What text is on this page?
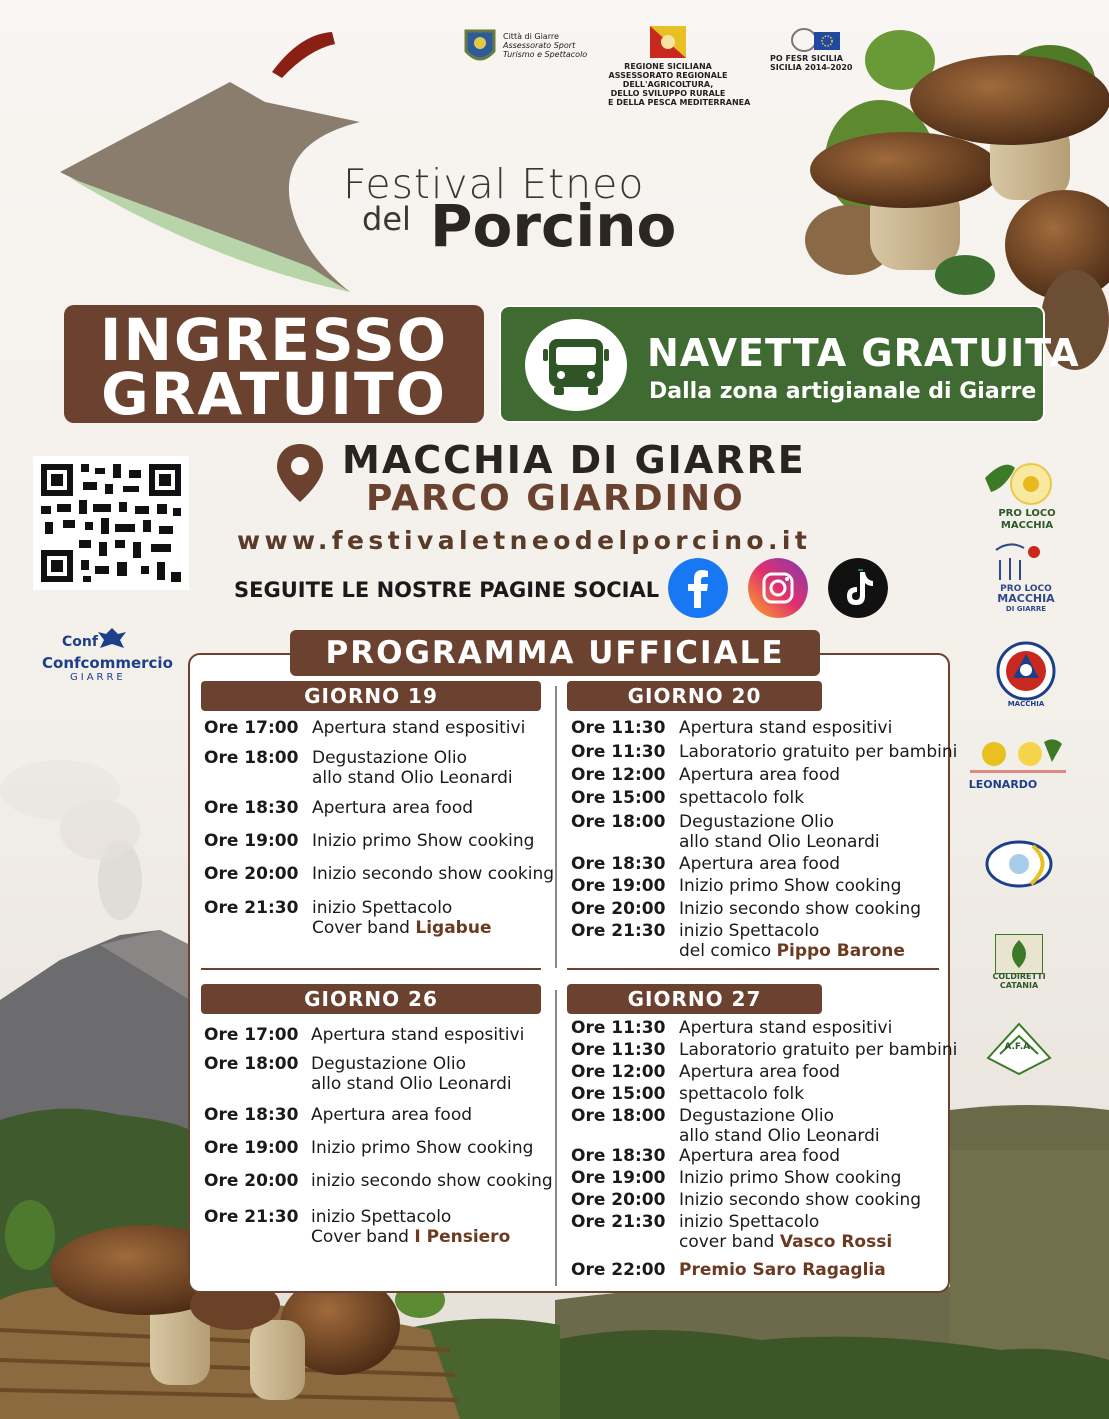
Festival Etneo
del Porcino
Città di Giarre
Assessorato Sport
Turismo e Spettacolo
REGIONE SICILIANA
ASSESSORATO REGIONALE
DELL'AGRICOLTURA,
DELLO SVILUPPO RURALE
E DELLA PESCA MEDITERRANEA
PO FESR SICILIA
SICILIA 2014-2020
INGRESSO
GRATUITO
NAVETTA GRATUITA
Dalla zona artigianale di Giarre
MACCHIA DI GIARRE
PARCO GIARDINO
www.festivaletneodelporcino.it
SEGUITE LE NOSTRE PAGINE SOCIAL
Conf
Confcommercio
GIARRE
PRO LOCO
MACCHIA
PRO LOCO
MACCHIA
DI GIARRE
MACCHIA
LEONARDO
COLDIRETTI
CATANIA
A.F.A.
PROGRAMMA UFFICIALE
GIORNO 19	GIORNO 20
GIORNO 26	GIORNO 27
Ore 17:00 Apertura stand espositivi
Ore 18:00 Degustazione Olio
allo stand Olio Leonardi
Ore 18:30 Apertura area food
Ore 19:00 Inizio primo Show cooking
Ore 20:00 Inizio secondo show cooking
Ore 21:30 inizio Spettacolo
Cover band Ligabue
Ore 11:30 Apertura stand espositivi
Ore 11:30 Laboratorio gratuito per bambini
Ore 12:00 Apertura area food
Ore 15:00 spettacolo folk
Ore 18:00 Degustazione Olio
allo stand Olio Leonardi
Ore 18:30 Apertura area food
Ore 19:00 Inizio primo Show cooking
Ore 20:00 Inizio secondo show cooking
Ore 21:30 inizio Spettacolo
del comico Pippo Barone
Ore 17:00 Apertura stand espositivi
Ore 18:00 Degustazione Olio
allo stand Olio Leonardi
Ore 18:30 Apertura area food
Ore 19:00 Inizio primo Show cooking
Ore 20:00 inizio secondo show cooking
Ore 21:30 inizio Spettacolo
Cover band I Pensiero
Ore 11:30 Apertura stand espositivi
Ore 11:30 Laboratorio gratuito per bambini
Ore 12:00 Apertura area food
Ore 15:00 spettacolo folk
Ore 18:00 Degustazione Olio
allo stand Olio Leonardi
Ore 18:30 Apertura area food
Ore 19:00 Inizio primo Show cooking
Ore 20:00 Inizio secondo show cooking
Ore 21:30 inizio Spettacolo
cover band Vasco Rossi
Ore 22:00 Premio Saro Ragaglia
